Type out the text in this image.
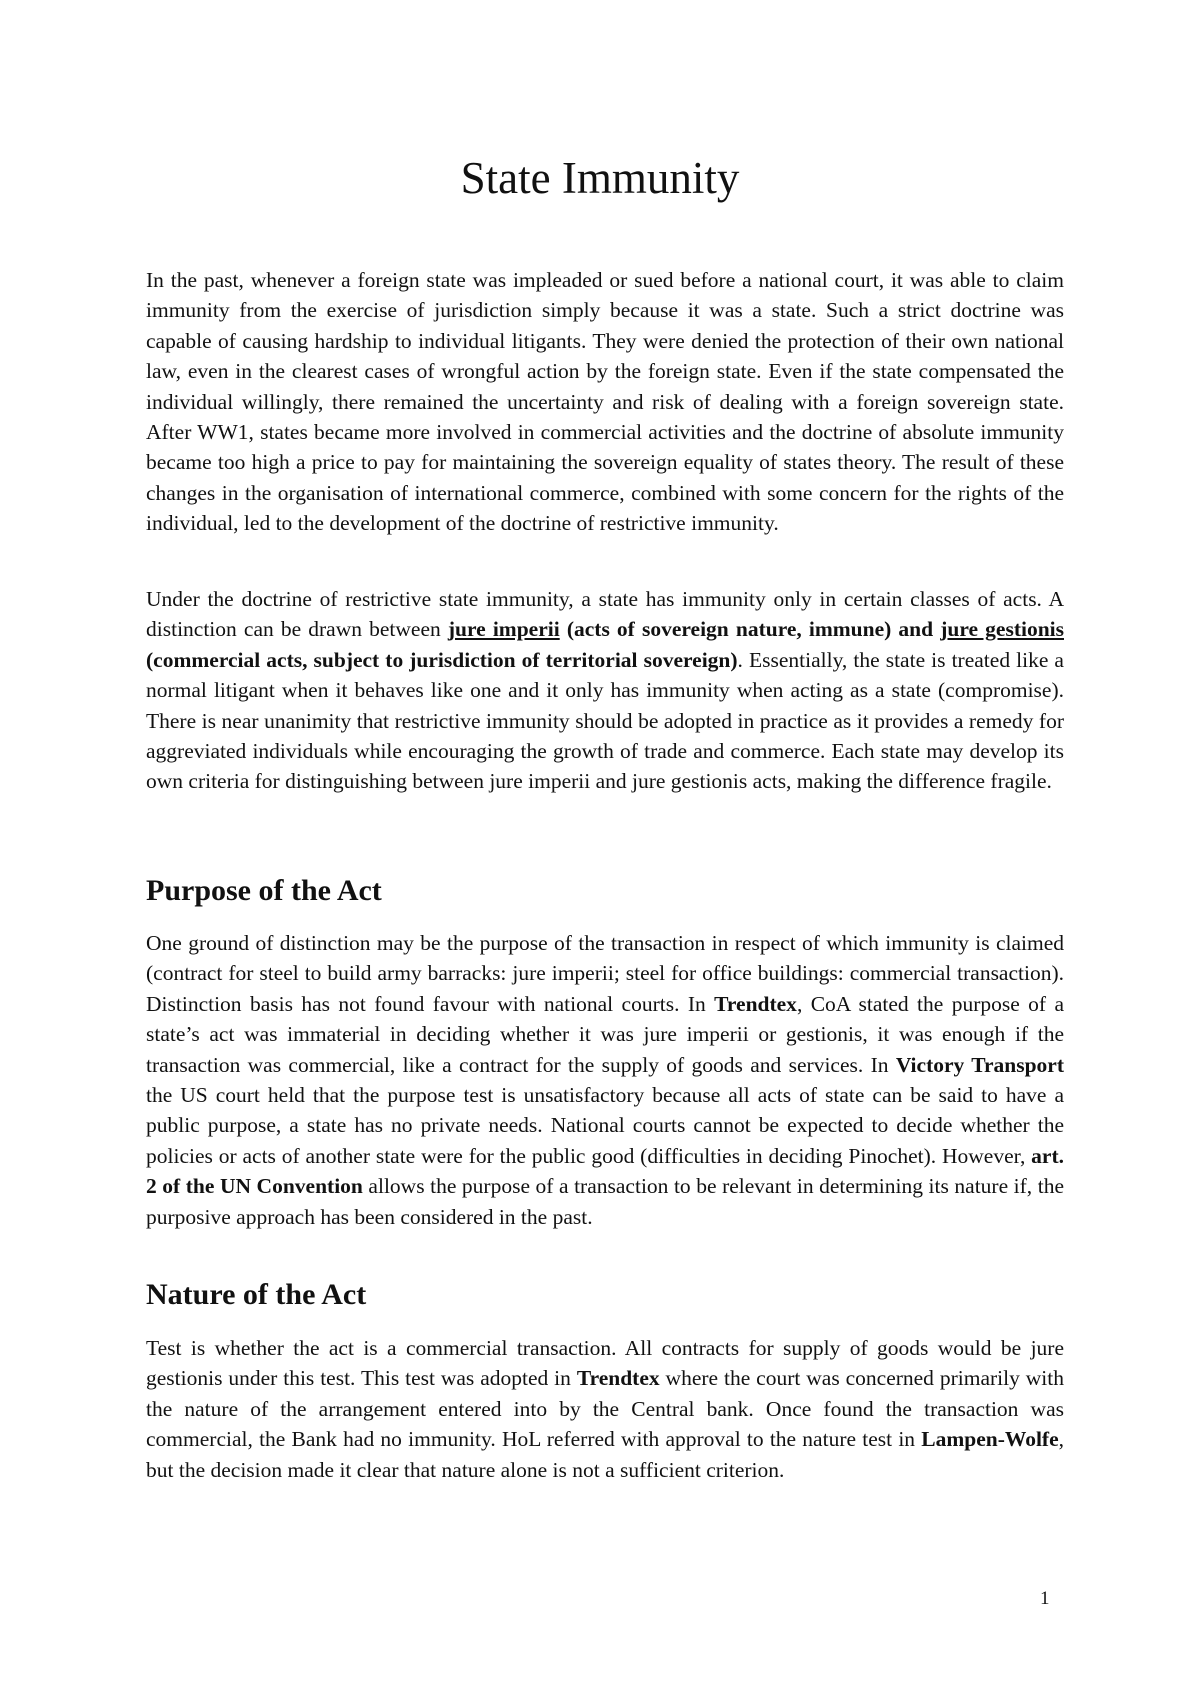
State Immunity

In the past, whenever a foreign state was impleaded or sued before a national court, it was able to claim immunity from the exercise of jurisdiction simply because it was a state. Such a strict doctrine was capable of causing hardship to individual litigants. They were denied the protection of their own national law, even in the clearest cases of wrongful action by the foreign state. Even if the state compensated the individual willingly, there remained the uncertainty and risk of dealing with a foreign sovereign state. After WW1, states became more involved in commercial activities and the doctrine of absolute immunity became too high a price to pay for maintaining the sovereign equality of states theory. The result of these changes in the organisation of international commerce, combined with some concern for the rights of the individual, led to the development of the doctrine of restrictive immunity.

Under the doctrine of restrictive state immunity, a state has immunity only in certain classes of acts. A distinction can be drawn between jure imperii (acts of sovereign nature, immune) and jure gestionis (commercial acts, subject to jurisdiction of territorial sovereign). Essentially, the state is treated like a normal litigant when it behaves like one and it only has immunity when acting as a state (compromise). There is near unanimity that restrictive immunity should be adopted in practice as it provides a remedy for aggreviated individuals while encouraging the growth of trade and commerce. Each state may develop its own criteria for distinguishing between jure imperii and jure gestionis acts, making the difference fragile.

Purpose of the Act

One ground of distinction may be the purpose of the transaction in respect of which immunity is claimed (contract for steel to build army barracks: jure imperii; steel for office buildings: commercial transaction). Distinction basis has not found favour with national courts. In Trendtex, CoA stated the purpose of a state’s act was immaterial in deciding whether it was jure imperii or gestionis, it was enough if the transaction was commercial, like a contract for the supply of goods and services. In Victory Transport the US court held that the purpose test is unsatisfactory because all acts of state can be said to have a public purpose, a state has no private needs. National courts cannot be expected to decide whether the policies or acts of another state were for the public good (difficulties in deciding Pinochet). However, art. 2 of the UN Convention allows the purpose of a transaction to be relevant in determining its nature if, the purposive approach has been considered in the past.

Nature of the Act

Test is whether the act is a commercial transaction. All contracts for supply of goods would be jure gestionis under this test. This test was adopted in Trendtex where the court was concerned primarily with the nature of the arrangement entered into by the Central bank. Once found the transaction was commercial, the Bank had no immunity. HoL referred with approval to the nature test in Lampen-Wolfe, but the decision made it clear that nature alone is not a sufficient criterion.

1
